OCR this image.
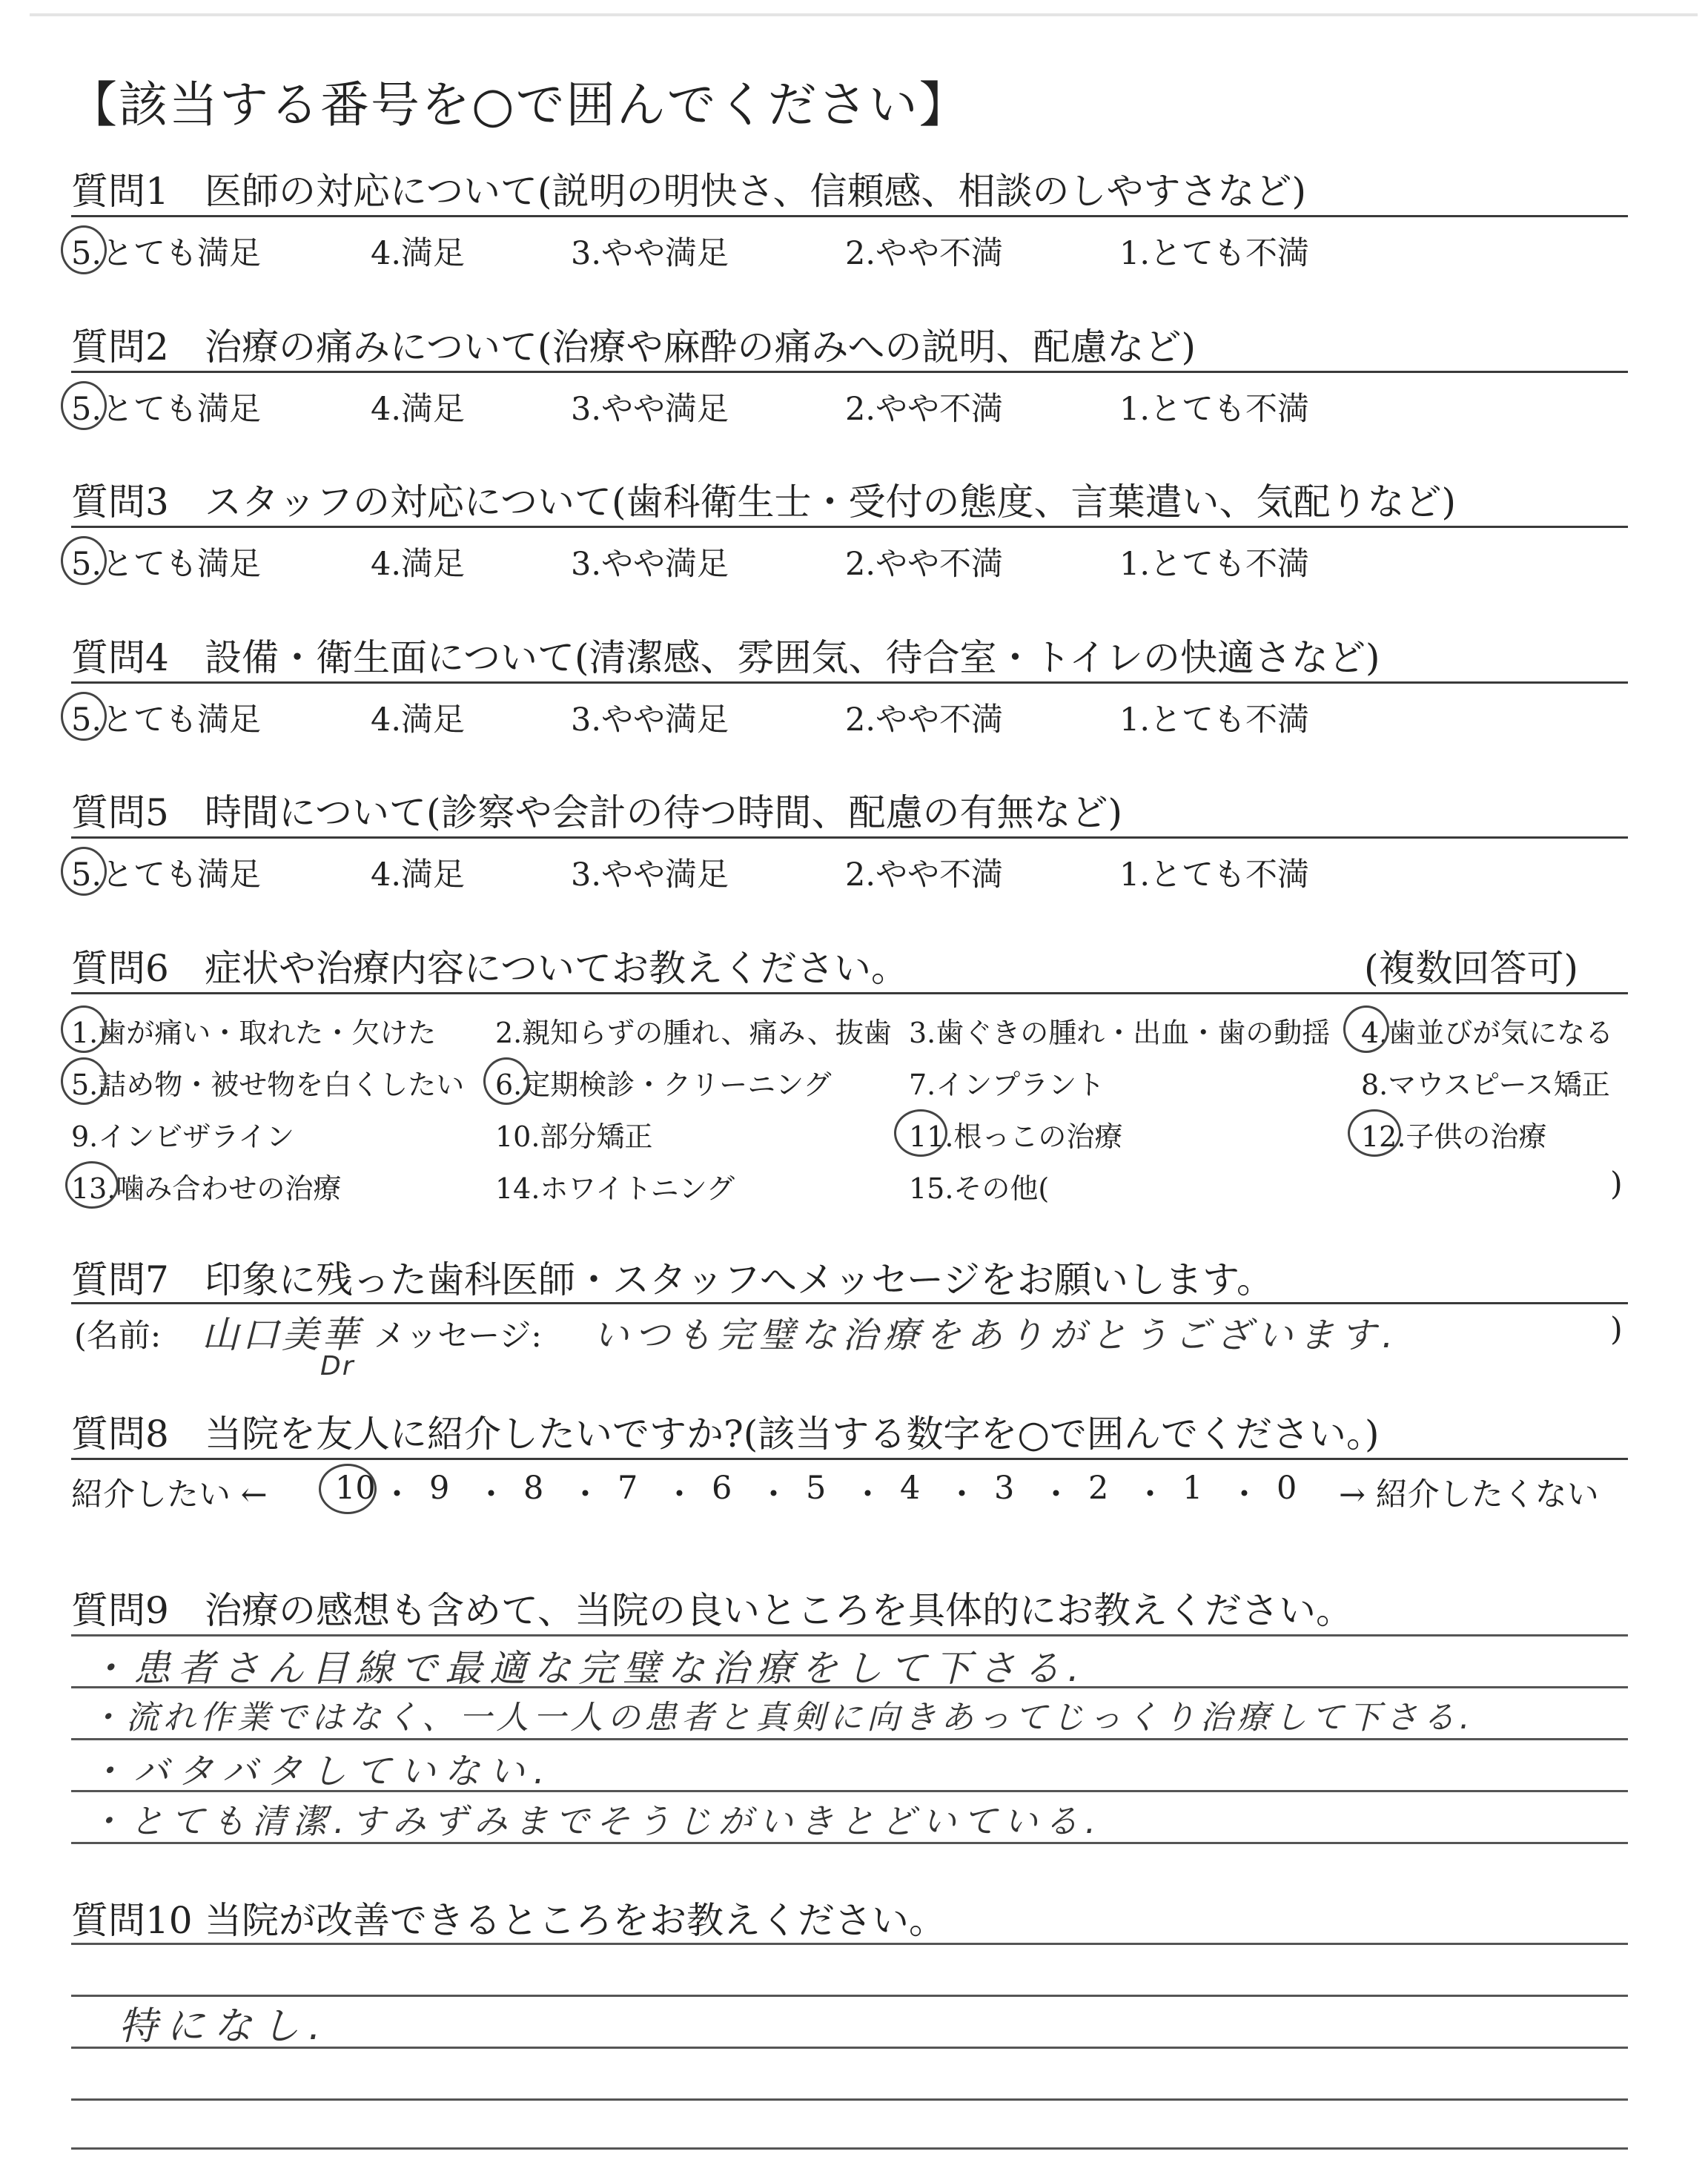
【該当する番号を○で囲んでください】
質問1 医師の対応について(説明の明快さ、信頼感、相談のしやすさなど)
5.とても満足	4.満足	3.やや満足	2.やや不満	1.とても不満
質問2 治療の痛みについて(治療や麻酔の痛みへの説明、配慮など)
5.とても満足	4.満足	3.やや満足	2.やや不満	1.とても不満
質問3 スタッフの対応について(歯科衛生士・受付の態度、言葉遣い、気配りなど)
5.とても満足	4.満足	3.やや満足	2.やや不満	1.とても不満
質問4 設備・衛生面について(清潔感、雰囲気、待合室・トイレの快適さなど)
5.とても満足	4.満足	3.やや満足	2.やや不満	1.とても不満
質問5 時間について(診察や会計の待つ時間、配慮の有無など)
5.とても満足	4.満足	3.やや満足	2.やや不満	1.とても不満
質問6 症状や治療内容についてお教えください。	(複数回答可)
1.歯が痛い・取れた・欠けた 2.親知らずの腫れ、痛み、抜歯 3.歯ぐきの腫れ・出血・歯の動揺 4.歯並びが気になる
5.詰め物・被せ物を白くしたい 6.定期検診・クリーニング	7.インプラント	8.マウスピース矯正
9.インビザライン	10.部分矯正	11.根っこの治療	12.子供の治療
13.噛み合わせの治療	14.ホワイトニング	15.その他(	)
質問7 印象に残った歯科医師・スタッフへメッセージをお願いします。
(名前:	メッセージ:	)
山口美華
Dr
いつも完璧な治療をありがとうございます.
質問8 当院を友人に紹介したいですか?(該当する数字を○で囲んでください。)
紹介したい ←	→ 紹介したくない
10 ・ 9 ・ 8 ・ 7 ・ 6 ・ 5 ・ 4 ・ 3 ・ 2 ・ 1 ・ 0
質問9 治療の感想も含めて、当院の良いところを具体的にお教えください。
・患者さん目線で最適な完璧な治療をして下さる.
・流れ作業ではなく、一人一人の患者と真剣に向きあってじっくり治療して下さる.
・バタバタしていない.
・とても清潔.すみずみまでそうじがいきとどいている.
質問10 当院が改善できるところをお教えください。
特になし.
